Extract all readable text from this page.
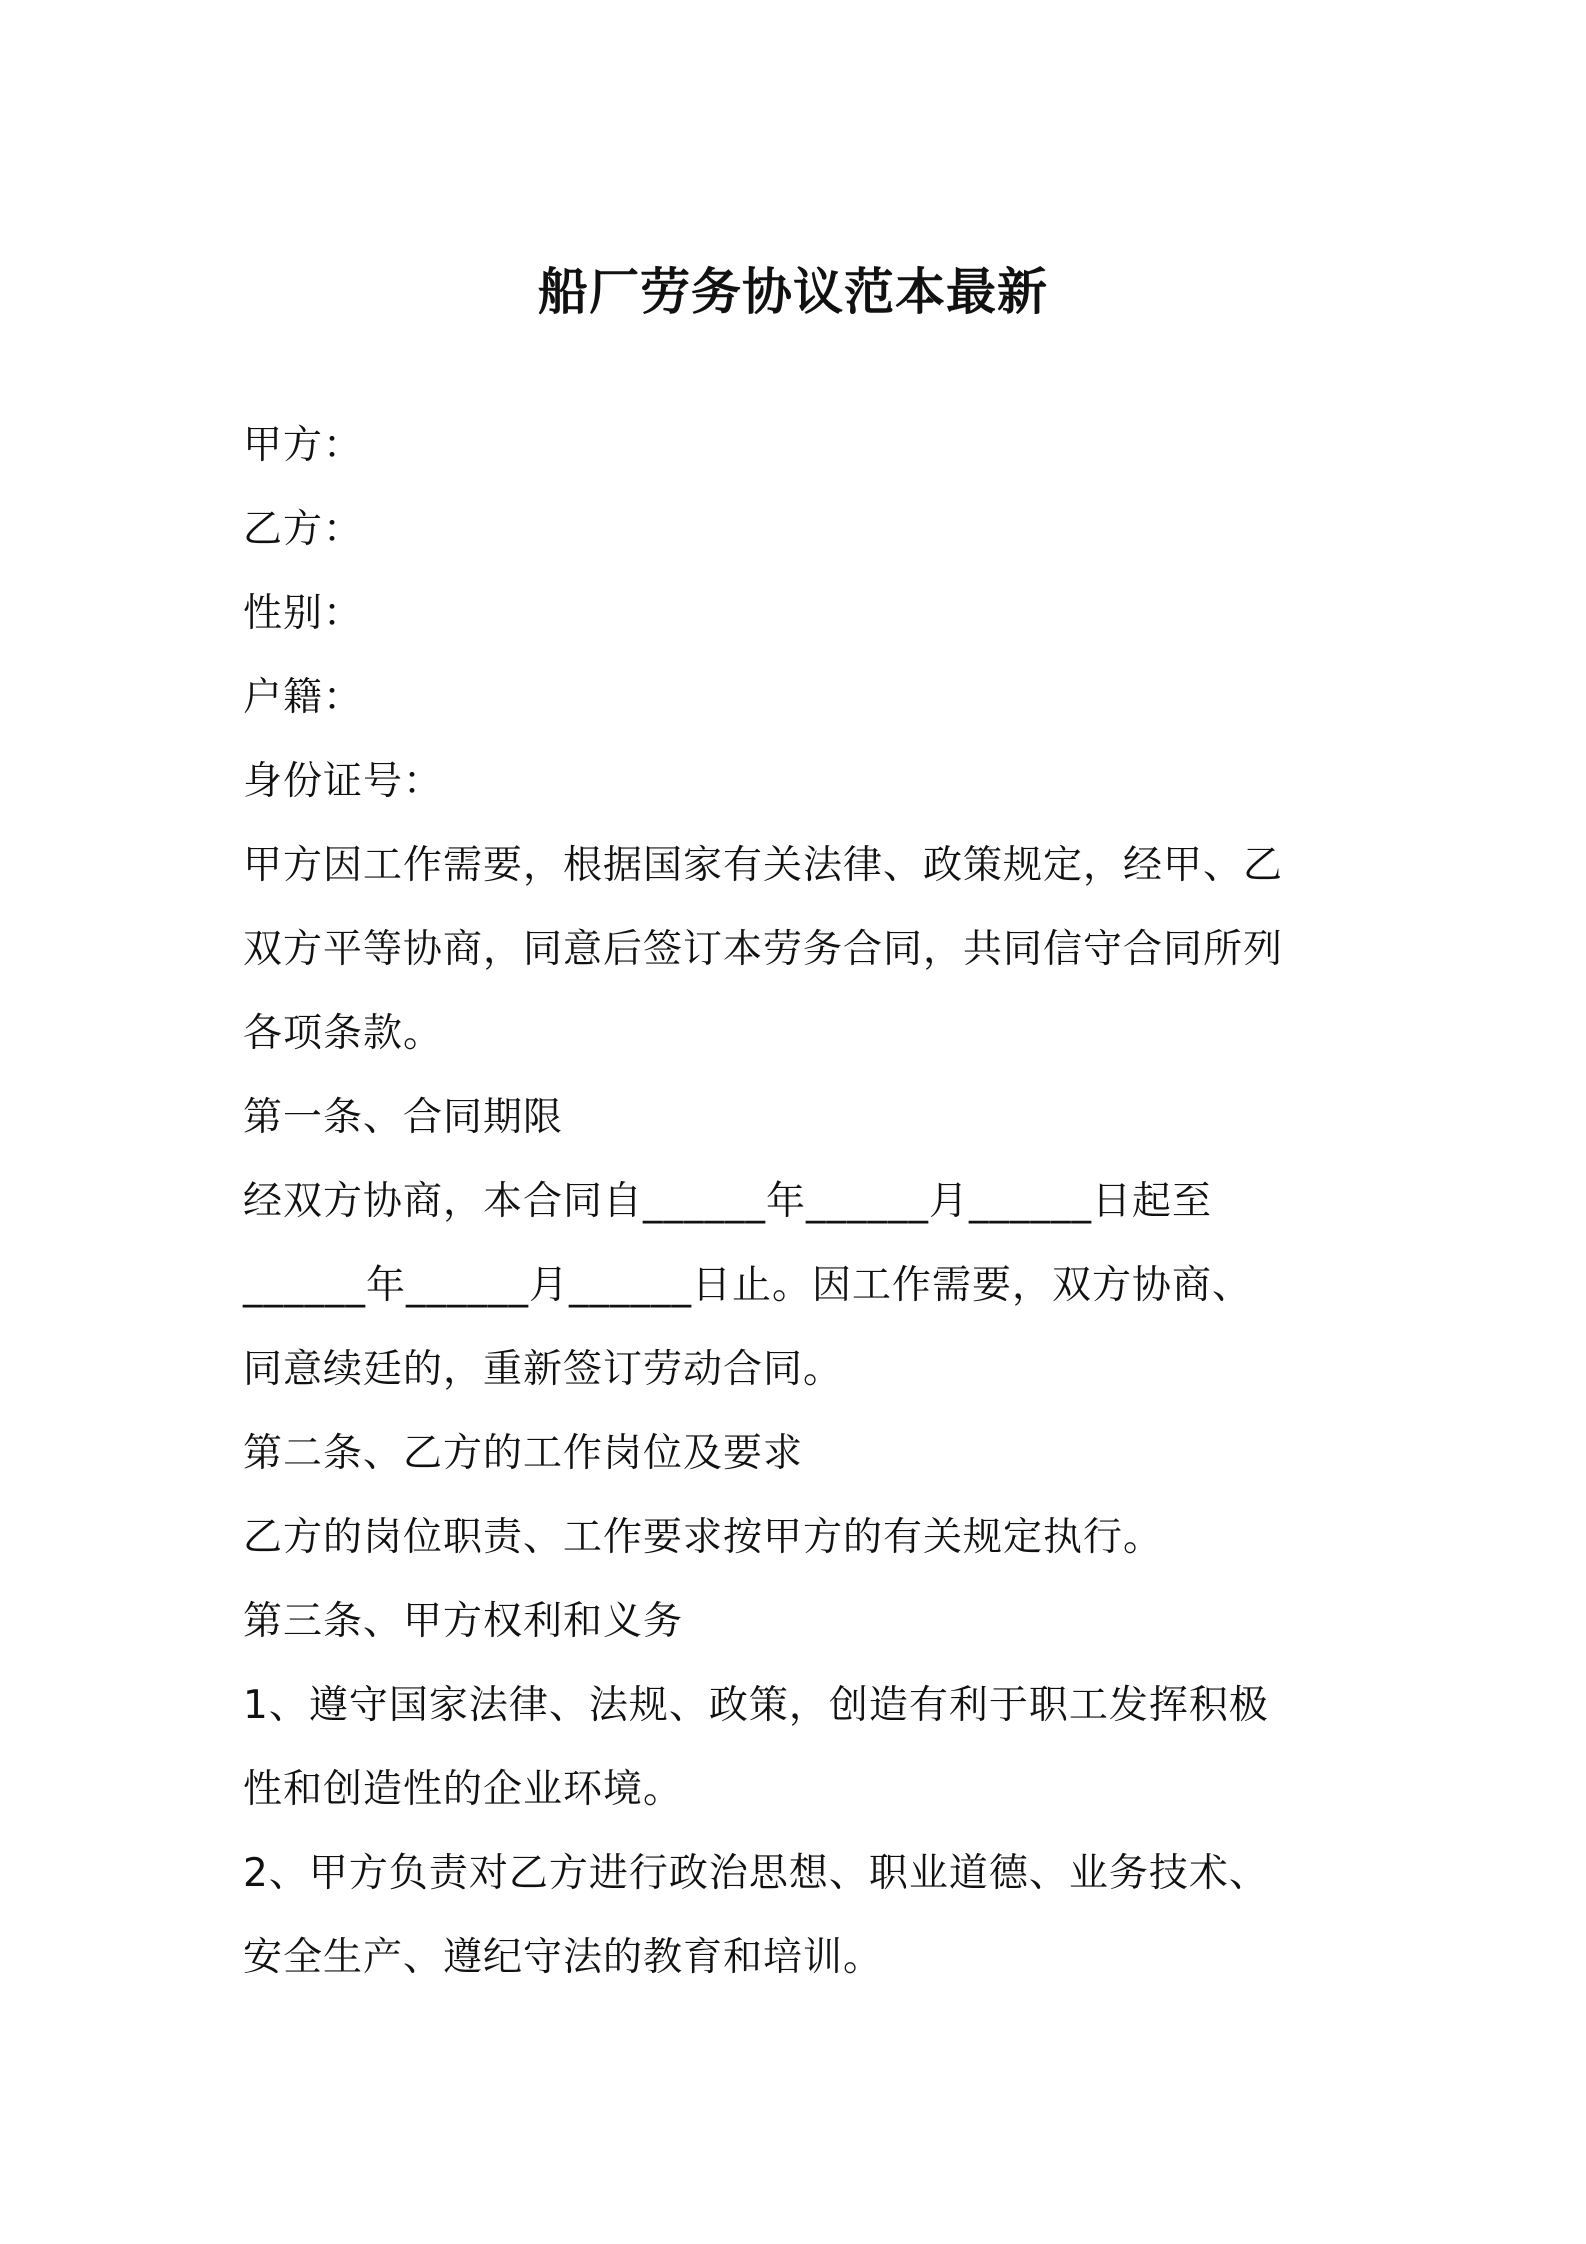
船厂劳务协议范本最新

甲方：

乙方：

性别：

户籍：

身份证号：

甲方因工作需要，根据国家有关法律、政策规定，经甲、乙
双方平等协商，同意后签订本劳务合同，共同信守合同所列
各项条款。

第一条、合同期限

经双方协商，本合同自______年______月______日起至
______年______月______日止。因工作需要，双方协商、
同意续廷的，重新签订劳动合同。

第二条、乙方的工作岗位及要求

乙方的岗位职责、工作要求按甲方的有关规定执行。

第三条、甲方权利和义务

1、遵守国家法律、法规、政策，创造有利于职工发挥积极
性和创造性的企业环境。

2、甲方负责对乙方进行政治思想、职业道德、业务技术、
安全生产、遵纪守法的教育和培训。
